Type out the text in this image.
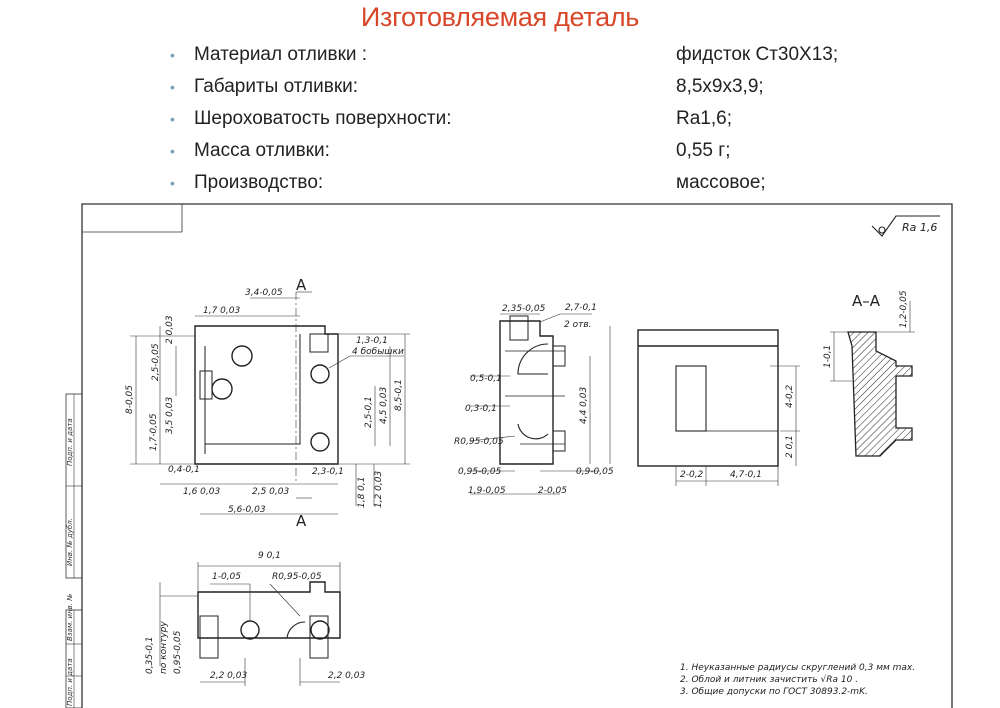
Изготовляемая деталь
• Материал отливки :	фидсток Ст30Х13;
• Габариты отливки:	8,5х9х3,9;
• Шероховатость поверхности:	Ra1,6;
• Масса отливки:	0,55 г;
• Производство:	массовое;
Подп. и дата
Инв. № дубл.
Взам. инв. №
Подп. и дата
Ra 1,6
А
А
3,4-0,05
1,7 0,03
1,3-0,1
4 бобышки
2 0,03
2,5-0,05
8-0,05	3,5 0,03
1,7-0,05
8,5-0,1
4,5 0,03
2,5-0,1
0,4-0,1	2,3-0,1
1,6 0,03	2,5 0,03
5,6-0,03
1,8 0,1 1,2 0,03
2,35-0,05 2,7-0,1
2 отв.
0,5-0,1
0,3-0,1
R0,95-0,05
0,95-0,05
1,9-0,05	2-0,05
0,9-0,05
4,4 0,03
2-0,2	4,7-0,1
4-0,2
2 0,1
А–А
1-0,1
1,2-0,05
9 0,1
1-0,05	R0,95-0,05
0,35-0,1 по контуру 0,95-0,05
2,2 0,03	2,2 0,03
1. Неуказанные радиусы скруглений 0,3 мм max.
2. Облой и литник зачистить √Ra 10 .
3. Общие допуски по ГОСТ 30893.2-mK.
